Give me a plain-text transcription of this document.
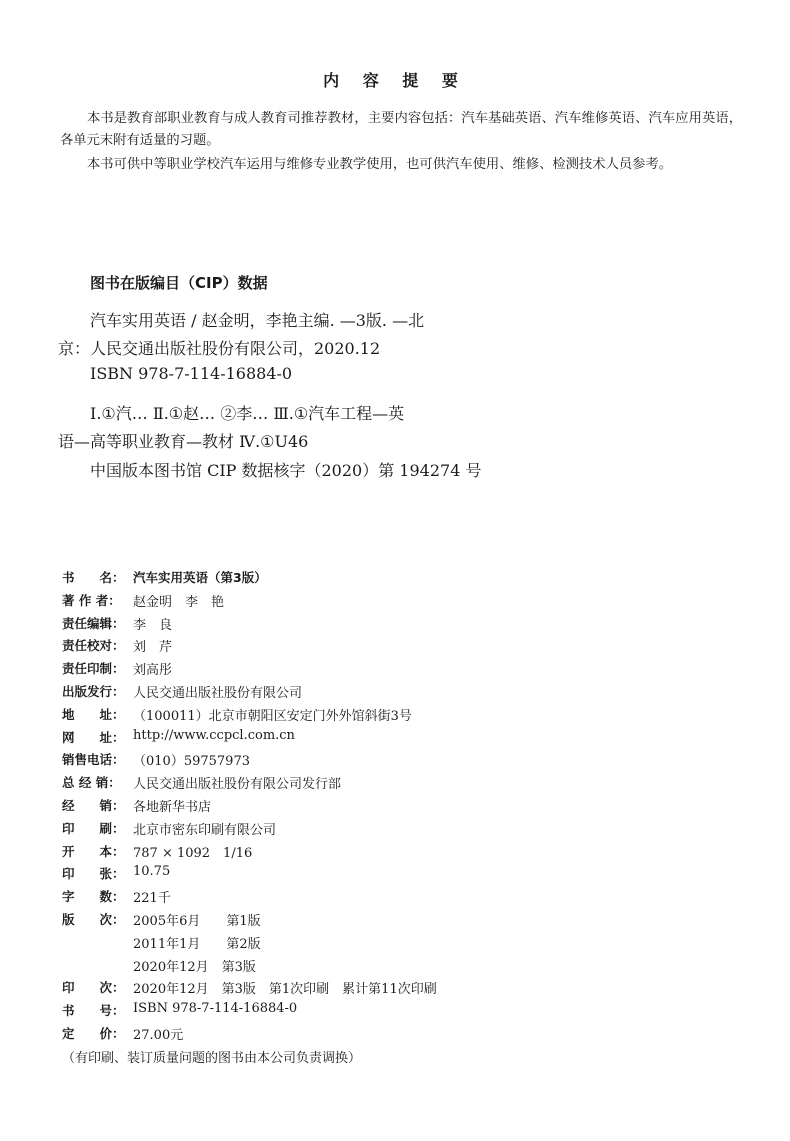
内 容 提 要
本书是教育部职业教育与成人教育司推荐教材，主要内容包括：汽车基础英语、汽车维修英语、汽车应用英语，各单元末附有适量的习题。
本书可供中等职业学校汽车运用与维修专业教学使用，也可供汽车使用、维修、检测技术人员参考。
图书在版编目（CIP）数据
汽车实用英语 / 赵金明，李艳主编. —3版. —北
京：人民交通出版社股份有限公司，2020.12
ISBN 978-7-114-16884-0
Ⅰ.①汽… Ⅱ.①赵… ②李… Ⅲ.①汽车工程—英
语—高等职业教育—教材 Ⅳ.①U46
中国版本图书馆 CIP 数据核字（2020）第 194274 号
书　　名： 汽车实用英语（第3版）
著 作 者： 赵金明　李　艳
责任编辑： 李　良
责任校对： 刘　芹
责任印制： 刘高彤
出版发行： 人民交通出版社股份有限公司
地　　址： （100011）北京市朝阳区安定门外外馆斜街3号
网　　址： http://www.ccpcl.com.cn
销售电话： （010）59757973
总 经 销： 人民交通出版社股份有限公司发行部
经　　销： 各地新华书店
印　　刷： 北京市密东印刷有限公司
开　　本： 787 × 1092　1/16
印　　张： 10.75
字　　数： 221千
版　　次： 2005年6月　　第1版
2011年1月　　第2版
2020年12月　第3版
印　　次： 2020年12月　第3版　第1次印刷　累计第11次印刷
书　　号： ISBN 978-7-114-16884-0
定　　价： 27.00元
（有印刷、装订质量问题的图书由本公司负责调换）
